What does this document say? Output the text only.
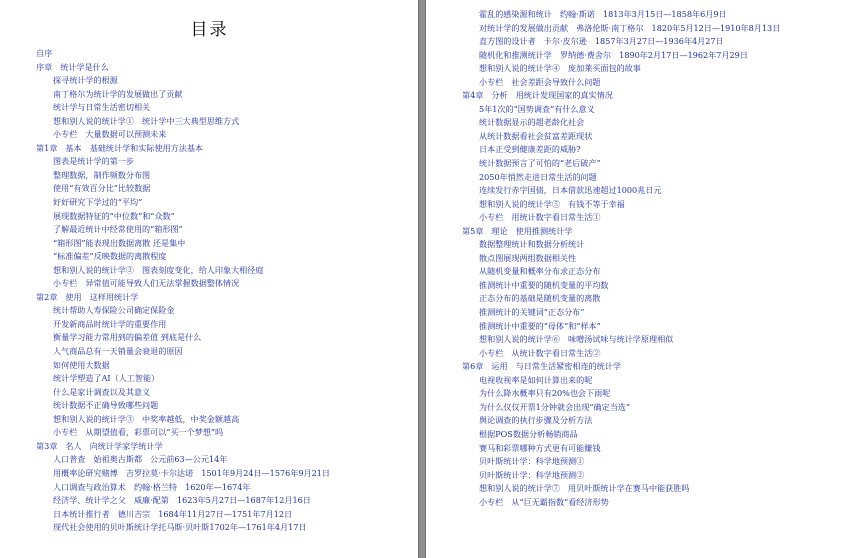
目录
自序
序章　统计学是什么
探寻统计学的根源
南丁格尔为统计学的发展做出了贡献
统计学与日常生活密切相关
想和别人说的统计学①　统计学中三大典型思维方式
小专栏　大量数据可以预测未来
第1章　基本　基础统计学和实际使用方法基本
图表是统计学的第一步
整理数据，制作频数分布图
使用“有效百分比”比较数据
好好研究下学过的“平均”
展现数据特征的“中位数”和“众数”
了解最近统计中经常使用的“箱形图”
“箱形图”能表现出数据离散 还是集中
“标准偏差”反映数据的离散程度
想和别人说的统计学②　图表刻度变化，给人印象大相径庭
小专栏　异常值可能导致人们无法掌握数据整体情况
第2章　使用　这样用统计学
统计帮助人寿保险公司确定保险金
开发新商品时统计学的重要作用
衡量学习能力常用到的偏差值 到底是什么
人气商品总有一天销量会衰退的原因
如何使用大数据
统计学塑造了AI（人工智能）
什么是家计调查以及其意义
统计数据不正确导致哪些问题
想和别人说的统计学③　中奖率越低，中奖金额越高
小专栏　从期望值看，彩票可以“买一个梦想”吗
第3章　名人　向统计学家学统计学
人口普查　始祖奥古斯都　公元前63—公元14年
用概率论研究赌博　吉罗拉莫·卡尔达诺　1501年9月24日—1576年9月21日
人口调查与政治算术　约翰·格兰特　1620年—1674年
经济学、统计学之父　威廉·配第　1623年5月27日—1687年12月16日
日本统计推行者　德川吉宗　1684年11月27日—1751年7月12日
现代社会使用的贝叶斯统计学托马斯·贝叶斯1702年—1761年4月17日
霍乱的感染源和统计　约翰·斯诺　1813年3月15日—1858年6月9日
对统计学的发展做出贡献　弗洛伦斯·南丁格尔　1820年5月12日—1910年8月13日
直方图的设计者　卡尔·皮尔逊　1857年3月27日—1936年4月27日
随机化和推测统计学　罗纳德·费舍尔　1890年2月17日—1962年7月29日
想和别人说的统计学④　庞加莱买面包的故事
小专栏　社会差距会导致什么问题
第4章　分析　用统计发现国家的真实情况
5年1次的“国势调查”有什么意义
统计数据显示的超老龄化社会
从统计数据看社会贫富差距现状
日本正受到健康差距的威胁?
统计数据预言了可怕的“老后破产”
2050年悄然走进日常生活的问题
连续发行赤字国债，日本借款迅速超过1000兆日元
想和别人说的统计学⑤　有钱不等于幸福
小专栏　用统计数字看日常生活①
第5章　理论　使用推测统计学
数据整理统计和数据分析统计
散点图展现两组数据相关性
从随机变量和概率分布求正态分布
推测统计中重要的随机变量的平均数
正态分布的基础是随机变量的离散
推测统计的关键词“正态分布”
推测统计中重要的“母体”和“样本”
想和别人说的统计学⑥　味噌汤试味与统计学原理相似
小专栏　从统计数字看日常生活②
第6章　运用　与日常生活紧密相连的统计学
电视收视率是如何计算出来的呢
为什么降水概率只有20%也会下雨呢
为什么仅仅开票1分钟就会出现“确定当选”
舆论调查的执行步骤及分析方法
根据POS数据分析畅销商品
赛马和彩票哪种方式更有可能赚钱
贝叶斯统计学：科学地预测①
贝叶斯统计学：科学地预测②
想和别人说的统计学⑦　用贝叶斯统计学在赛马中能获胜吗
小专栏　从“巨无霸指数”看经济形势
